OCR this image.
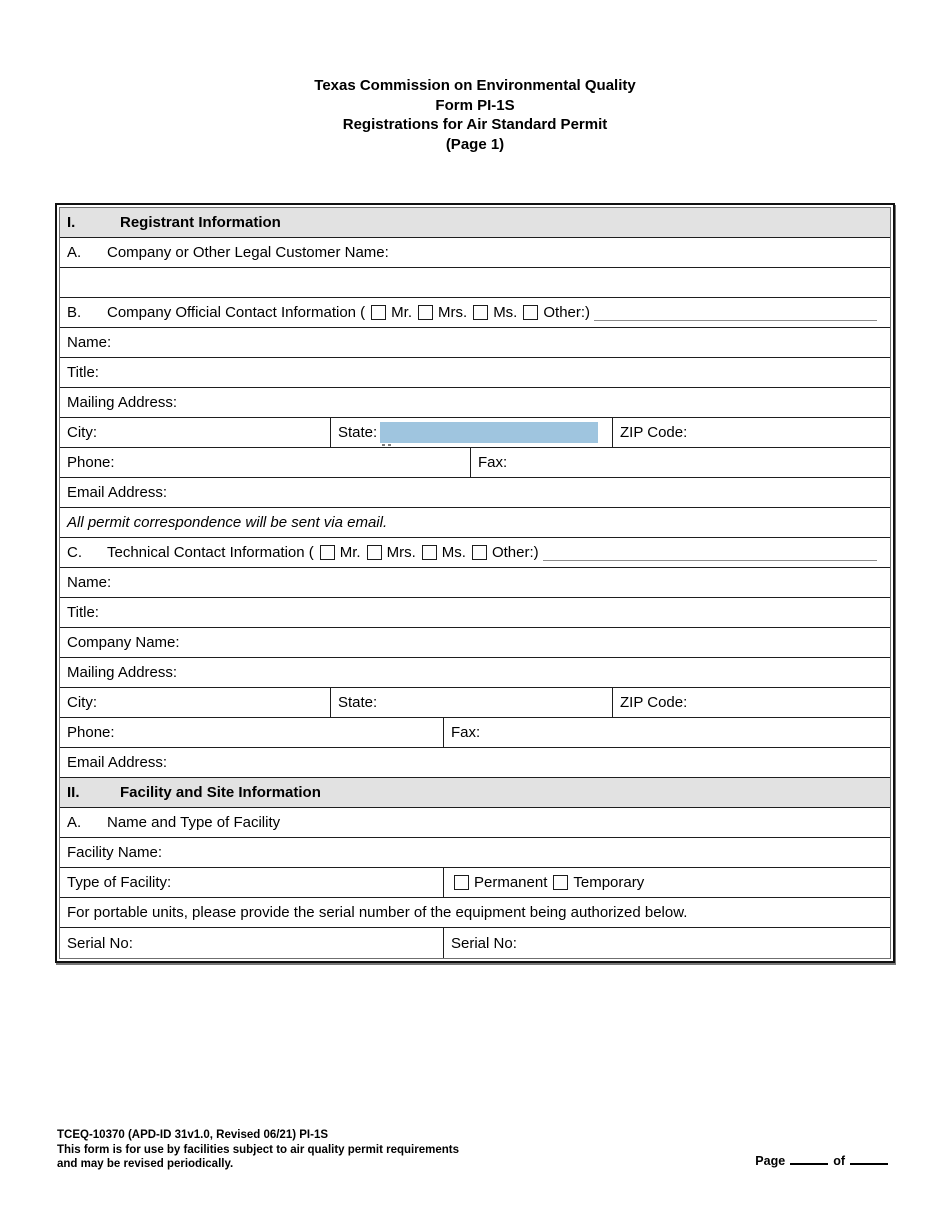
Texas Commission on Environmental Quality
Form PI-1S
Registrations for Air Standard Permit
(Page 1)
I.	Registrant Information
A.	Company or Other Legal Customer Name:
B.	Company Official Contact Information ( Mr. Mrs. Ms. Other:)
Name:
Title:
Mailing Address:
City:	State:	ZIP Code:
Phone:	Fax:
Email Address:
All permit correspondence will be sent via email.
C.	Technical Contact Information ( Mr. Mrs. Ms. Other:)
Name:
Title:
Company Name:
Mailing Address:
City:	State:	ZIP Code:
Phone:	Fax:
Email Address:
II.	Facility and Site Information
A.	Name and Type of Facility
Facility Name:
Type of Facility:	Permanent Temporary
For portable units, please provide the serial number of the equipment being authorized below.
Serial No:	Serial No:
TCEQ-10370 (APD-ID 31v1.0, Revised 06/21) PI-1S
This form is for use by facilities subject to air quality permit requirements
and may be revised periodically.	Page	of
